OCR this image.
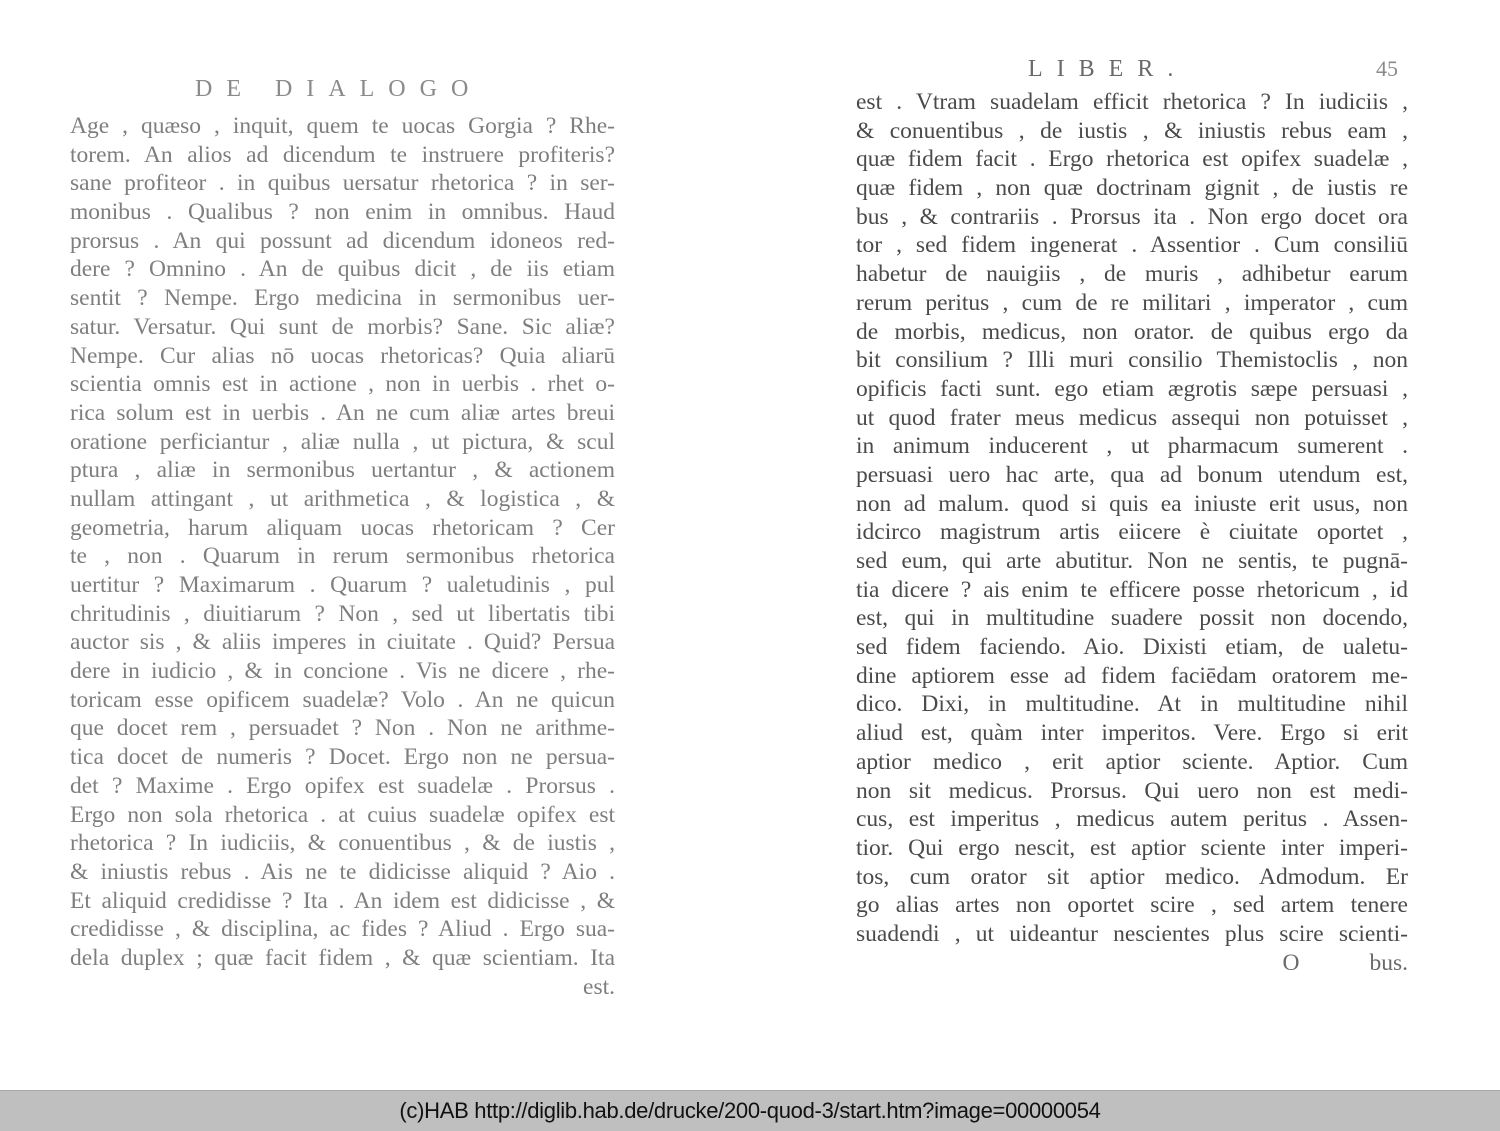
DE DIALOGO
Age , quæso , inquit, quem te uocas Gorgia ? Rhe-
torem. An alios ad dicendum te instruere profiteris?
sane profiteor . in quibus uersatur rhetorica ? in ser-
monibus . Qualibus ? non enim in omnibus. Haud
prorsus . An qui possunt ad dicendum idoneos red-
dere ? Omnino . An de quibus dicit , de iis etiam
sentit ? Nempe. Ergo medicina in sermonibus uer-
satur. Versatur. Qui sunt de morbis? Sane. Sic aliæ?
Nempe. Cur alias nō uocas rhetoricas? Quia aliarū
scientia omnis est in actione , non in uerbis . rhet o-
rica solum est in uerbis . An ne cum aliæ artes breui
oratione perficiantur , aliæ nulla , ut pictura, & scul
ptura , aliæ in sermonibus uertantur , & actionem
nullam attingant , ut arithmetica , & logistica , &
geometria, harum aliquam uocas rhetoricam ? Cer
te , non . Quarum in rerum sermonibus rhetorica
uertitur ? Maximarum . Quarum ? ualetudinis , pul
chritudinis , diuitiarum ? Non , sed ut libertatis tibi
auctor sis , & aliis imperes in ciuitate . Quid? Persua
dere in iudicio , & in concione . Vis ne dicere , rhe-
toricam esse opificem suadelæ? Volo . An ne quicun
que docet rem , persuadet ? Non . Non ne arithme-
tica docet de numeris ? Docet. Ergo non ne persua-
det ? Maxime . Ergo opifex est suadelæ . Prorsus .
Ergo non sola rhetorica . at cuius suadelæ opifex est
rhetorica ? In iudiciis, & conuentibus , & de iustis ,
& iniustis rebus . Ais ne te didicisse aliquid ? Aio .
Et aliquid credidisse ? Ita . An idem est didicisse , &
credidisse , & disciplina, ac fides ? Aliud . Ergo sua-
dela duplex ; quæ facit fidem , & quæ scientiam. Ita
est.
LIBER.	45
est . Vtram suadelam efficit rhetorica ? In iudiciis ,
& conuentibus , de iustis , & iniustis rebus eam ,
quæ fidem facit . Ergo rhetorica est opifex suadelæ ,
quæ fidem , non quæ doctrinam gignit , de iustis re
bus , & contrariis . Prorsus ita . Non ergo docet ora
tor , sed fidem ingenerat . Assentior . Cum consiliū
habetur de nauigiis , de muris , adhibetur earum
rerum peritus , cum de re militari , imperator , cum
de morbis, medicus, non orator. de quibus ergo da
bit consilium ? Illi muri consilio Themistoclis , non
opificis facti sunt. ego etiam ægrotis sæpe persuasi ,
ut quod frater meus medicus assequi non potuisset ,
in animum inducerent , ut pharmacum sumerent .
persuasi uero hac arte, qua ad bonum utendum est,
non ad malum. quod si quis ea iniuste erit usus, non
idcirco magistrum artis eiicere è ciuitate oportet ,
sed eum, qui arte abutitur. Non ne sentis, te pugnā-
tia dicere ? ais enim te efficere posse rhetoricum , id
est, qui in multitudine suadere possit non docendo,
sed fidem faciendo. Aio. Dixisti etiam, de ualetu-
dine aptiorem esse ad fidem faciēdam oratorem me-
dico. Dixi, in multitudine. At in multitudine nihil
aliud est, quàm inter imperitos. Vere. Ergo si erit
aptior medico , erit aptior sciente. Aptior. Cum
non sit medicus. Prorsus. Qui uero non est medi-
cus, est imperitus , medicus autem peritus . Assen-
tior. Qui ergo nescit, est aptior sciente inter imperi-
tos, cum orator sit aptior medico. Admodum. Er
go alias artes non oportet scire , sed artem tenere
suadendi , ut uideantur nescientes plus scire scienti-
O	bus.
(c)HAB http://diglib.hab.de/drucke/200-quod-3/start.htm?image=00000054
